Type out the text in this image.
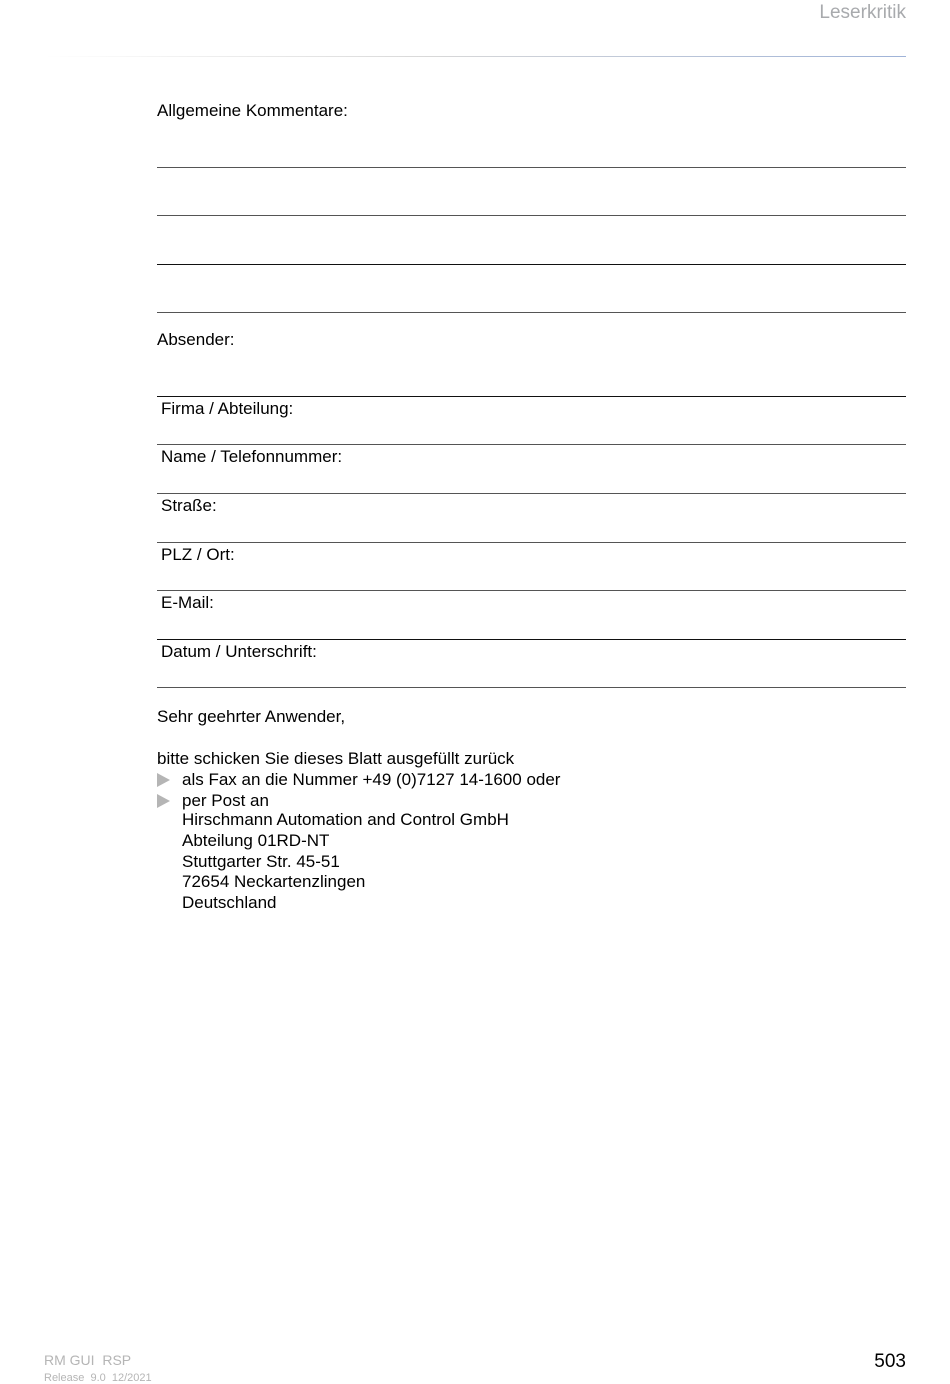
Leserkritik
Allgemeine Kommentare:
Absender:
Firma / Abteilung:
Name / Telefonnummer:
Straße:
PLZ / Ort:
E-Mail:
Datum / Unterschrift:
Sehr geehrter Anwender,
bitte schicken Sie dieses Blatt ausgefüllt zurück
als Fax an die Nummer +49 (0)7127 14-1600 oder
per Post an
Hirschmann Automation and Control GmbH
Abteilung 01RD-NT
Stuttgarter Str. 45-51
72654 Neckartenzlingen
Deutschland
RM GUI  RSP
Release  9.0  12/2021
503
